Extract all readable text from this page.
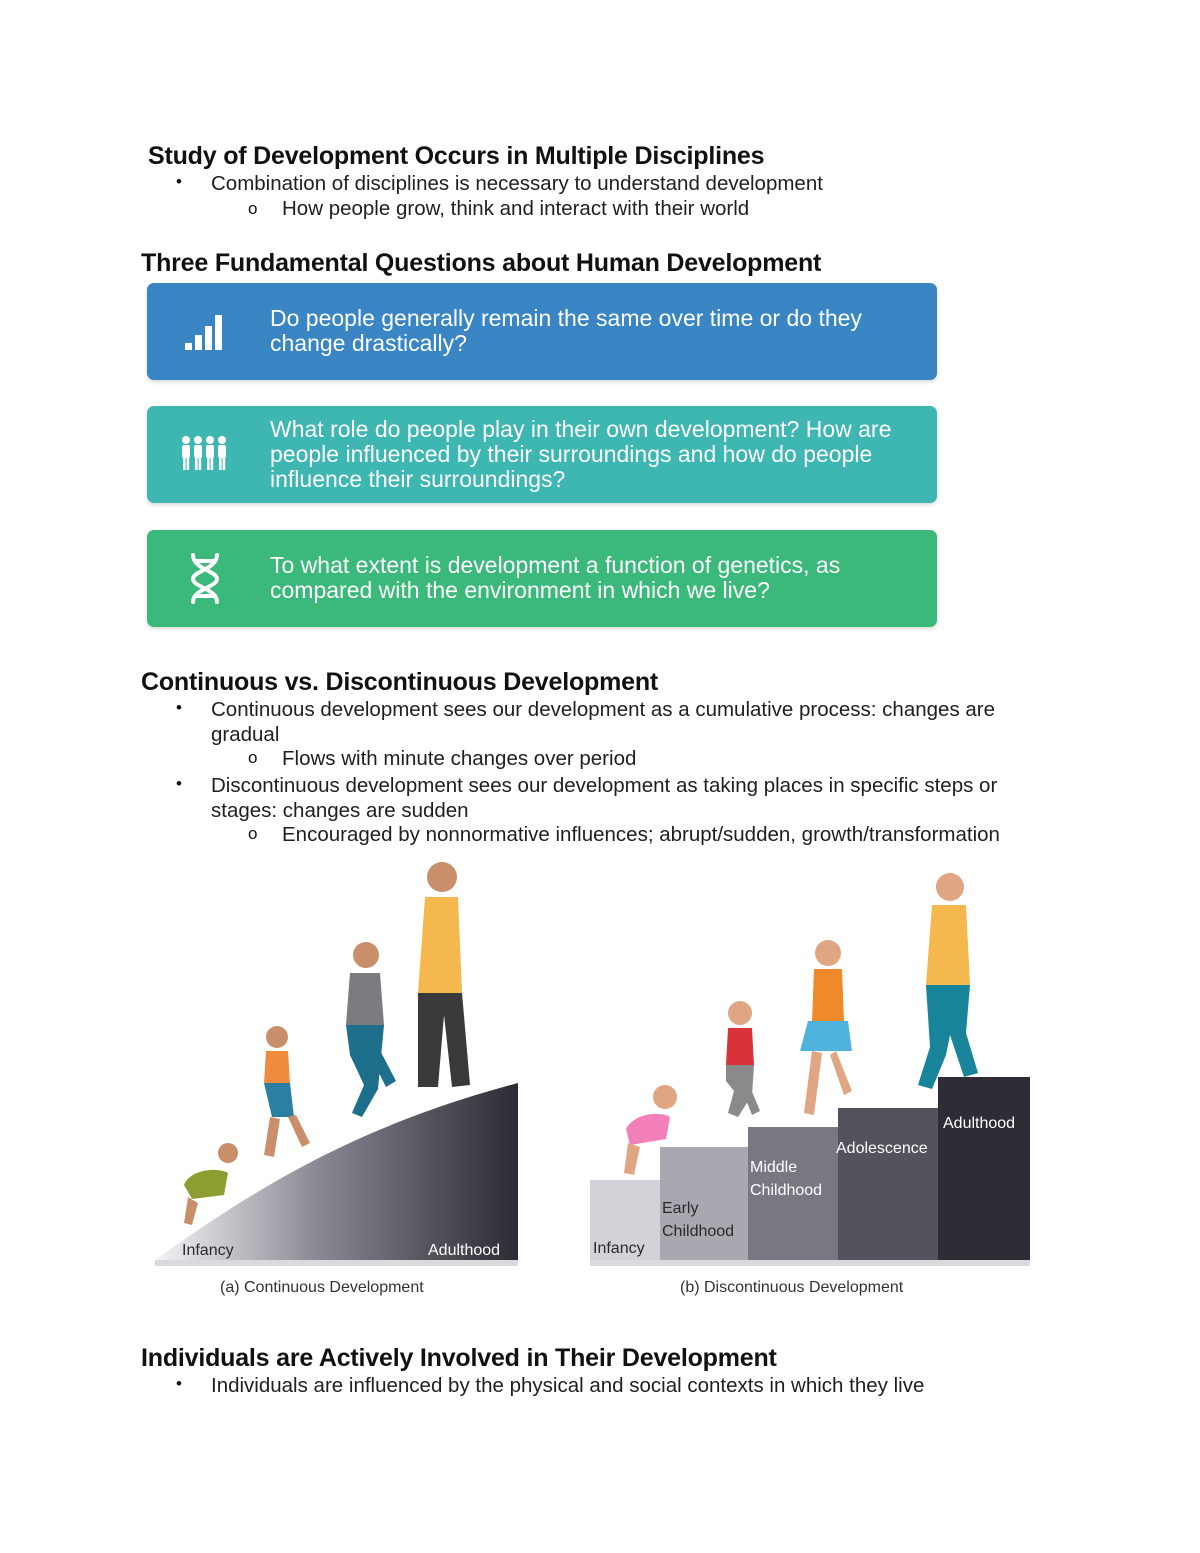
Study of Development Occurs in Multiple Disciplines
• Combination of disciplines is necessary to understand development
o How people grow, think and interact with their world
Three Fundamental Questions about Human Development
Do people generally remain the same over time or do they change drastically?
What role do people play in their own development? How are people influenced by their surroundings and how do people influence their surroundings?
To what extent is development a function of genetics, as compared with the environment in which we live?
Continuous vs. Discontinuous Development
• Continuous development sees our development as a cumulative process: changes are gradual
o Flows with minute changes over period
• Discontinuous development sees our development as taking places in specific steps or stages: changes are sudden
o Encouraged by nonnormative influences; abrupt/sudden, growth/transformation
Infancy	Adulthood
(a) Continuous Development
Infancy
Early
Childhood
Middle
Childhood
Adolescence
Adulthood
(b) Discontinuous Development
Individuals are Actively Involved in Their Development
• Individuals are influenced by the physical and social contexts in which they live
